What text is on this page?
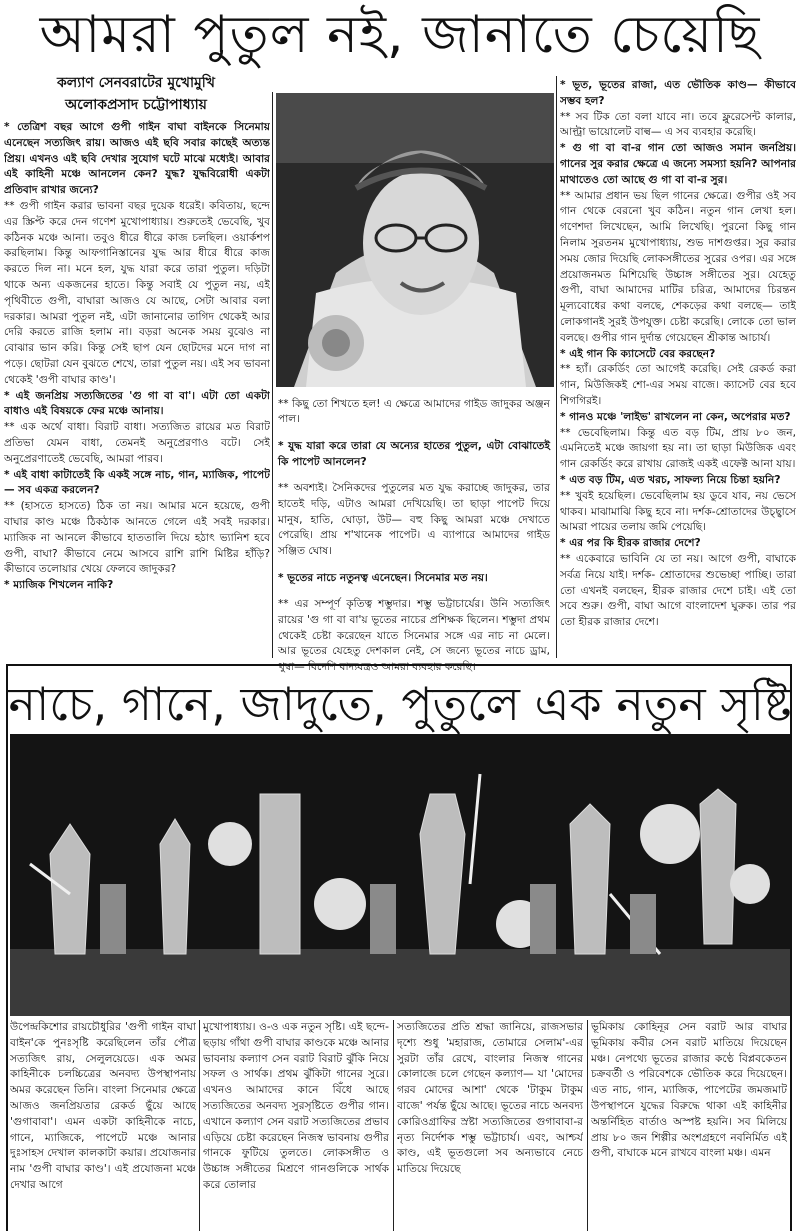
আমরা পুতুল নই, জানাতে চেয়েছি
কল্যাণ সেনবরাটের মুখোমুখি
অলোকপ্রসাদ চট্টোপাধ্যায়

* তেত্রিশ বছর আগে গুপী গাইন বাঘা বাইনকে সিনেমায় এনেছেন সত্যজিৎ রায়। আজও এই ছবি সবার কাছেই অত্যন্ত প্রিয়। এখনও এই ছবি দেখার সুযোগ ঘটে মাঝে মধ্যেই। আবার এই কাহিনী মঞ্চে আনলেন কেন? যুদ্ধ? যুদ্ধবিরোধী একটা প্রতিবাদ রাখার জন্যে?

** গুপী গাইন করার ভাবনা বছর দুয়েক ধরেই। কবিতায়, ছন্দে এর স্ক্রিপ্ট করে দেন গণেশ মুখোপাধ্যায়। শুরুতেই ভেবেছি, খুব কঠিনক মঞ্চে আনা। তবুও ধীরে ধীরে কাজ চলছিল। ওয়ার্কশপ করছিলাম। কিন্তু আফগানিস্তানের যুদ্ধ আর ধীরে ধীরে কাজ করতে দিল না। মনে হল, যুদ্ধ যারা করে তারা পুতুল। দড়িটা থাকে অন্য একজনের হাতে। কিন্তু সবাই যে পুতুল নয়, এই পৃথিবীতে গুপী, বাঘারা আজও যে আছে, সেটা আবার বলা দরকার। আমরা পুতুল নই, এটা জানানোর তাগিদ থেকেই আর দেরি করতে রাজি হলাম না। বড়রা অনেক সময় বুঝেও না বোঝার ভান করি। কিন্তু সেই ছাপ যেন ছোটদের মনে দাগ না পড়ে। ছোটরা যেন বুঝতে শেখে, তারা পুতুল নয়। এই সব ভাবনা থেকেই 'গুপী বাঘার কাণ্ড'।

* এই জনপ্রিয় সত্যজিতের 'গু গা বা বা'। এটা তো একটা বাধাও এই বিষয়কে ফের মঞ্চে আনায়।

** এক অর্থে বাধা। বিরাট বাধা। সত্যজিত রায়ের মত বিরাট প্রতিভা যেমন বাধা, তেমনই অনুপ্রেরণাও বটে। সেই অনুপ্রেরণাতেই ভেবেছি, আমরা পারব।

* এই বাধা কাটাতেই কি একই সঙ্গে নাচ, গান, ম্যাজিক, পাপেট— সব একত্র করলেন?

** (হাসতে হাসতে) ঠিক তা নয়। আমার মনে হয়েছে, গুপী বাঘার কাণ্ড মঞ্চে ঠিকঠাক আনতে গেলে এই সবই দরকার। ম্যাজিক না আনলে কীভাবে হাততালি দিয়ে হঠাৎ ভ্যানিশ হবে গুপী, বাঘা? কীভাবে নেমে আসবে রাশি রাশি মিষ্টির হাঁড়ি? কীভাবে তলোয়ার খেয়ে ফেলবে জাদুকর?

* ম্যাজিক শিখলেন নাকি?

** কিছু তো শিখতে হল! এ ক্ষেত্রে আমাদের গাইড জাদুকর অঞ্জন পাল।

* যুদ্ধ যারা করে তারা যে অন্যের হাতের পুতুল, এটা বোঝাতেই কি পাপেট আনলেন?

** অবশ্যই। সৈনিকদের পুতুলের মত যুদ্ধ করাচ্ছে জাদুকর, তার হাতেই দড়ি, এটাও আমরা দেখিয়েছি। তা ছাড়া পাপেট দিয়ে মানুষ, হাতি, ঘোড়া, উট— বহু কিছু আমরা মঞ্চে দেখাতে পেরেছি। প্রায় শ'খানেক পাপেট। এ ব্যাপারে আমাদের গাইড সঞ্জিত ঘোষ।

* ভূতের নাচে নতুনত্ব এনেছেন। সিনেমার মত নয়।

** এর সম্পূর্ণ কৃতিত্ব শম্ভুদার। শম্ভু ভট্টাচার্যের। উনি সত্যজিৎ রায়ের 'গু গা বা বা'য় ভূতের নাচের প্রশিক্ষক ছিলেন। শম্ভুদা প্রথম থেকেই চেষ্টা করেছেন যাতে সিনেমার সঙ্গে এর নাচ না মেলে। আর ভূতের যেহেতু দেশকাল নেই, সে জন্যে ভূতের নাচে ড্রাম, থুম্বা— বিদেশি বাদ্যযন্ত্রও আমরা ব্যবহার করেছি।

* ভূত, ভূতের রাজা, এত ভৌতিক কাণ্ড— কীভাবে সম্ভব হল?

** সব টিক তো বলা যাবে না। তবে ফ্লুরেসেন্ট কালার, আল্ট্রা ভায়োলেট বাল্ব— এ সব ব্যবহার করেছি।

* গু গা বা বা-র গান তো আজও সমান জনপ্রিয়। গানের সুর করার ক্ষেত্রে এ জন্যে সমস্যা হয়নি? আপনার মাথাতেও তো আছে গু গা বা বা-র সুর।

** আমার প্রধান ভয় ছিল গানের ক্ষেত্রে। গুপীর ওই সব গান থেকে বেরনো খুব কঠিন। নতুন গান লেখা হল। গণেশদা লিখেছেন, আমি লিখেছি। পুরনো কিছু গান নিলাম সুরতনম মুখোপাধ্যায়, শুভ দাশগুপ্তর। সুর করার সময় জোর দিয়েছি লোকসঙ্গীতের সুরের ওপর। এর সঙ্গে প্রয়োজনমত মিশিয়েছি উচ্চাঙ্গ সঙ্গীতের সুর। যেহেতু গুপী, বাঘা আমাদের মাটির চরিত্র, আমাদের চিরন্তন মূল্যবোধের কথা বলছে, শেকড়ের কথা বলছে— তাই লোকগানই সুরই উপযুক্ত। চেষ্টা করেছি। লোকে তো ভাল বলছে। গুপীর গান দুর্দান্ত গেয়েছেন শ্রীকান্ত আচার্য।

* এই গান কি ক্যাসেটে বের করছেন?

** হ্যাঁ। রেকর্ডিং তো আগেই করেছি। সেই রেকর্ড করা গান, মিউজিকই শো-এর সময় বাজে। ক্যাসেট বের হবে শিগগিরই।

* গানও মঞ্চে 'লাইভ' রাখলেন না কেন, অপেরার মত?

** ভেবেছিলাম। কিন্তু এত বড় টিম, প্রায় ৮০ জন, এমনিতেই মঞ্চে জায়গা হয় না। তা ছাড়া মিউজিক এবং গান রেকর্ডিং করে রাখায় রোজই একই এফেক্ট আনা যায়।

* এত বড় টিম, এত খরচ, সাফল্য নিয়ে চিন্তা হয়নি?

** খুবই হয়েছিল। ভেবেছিলাম হয় ডুবে যাব, নয় ভেসে থাকব। মাঝামাঝি কিছু হবে না। দর্শক-শ্রোতাদের উচ্ছ্বাসে আমরা পায়ের তলায় জমি পেয়েছি।

* এর পর কি হীরক রাজার দেশে?

** একেবারে ভাবিনি যে তা নয়। আগে গুপী, বাঘাকে সর্বত্র নিয়ে যাই। দর্শক- শ্রোতাদের শুভেচ্ছা পাচ্ছি। তারা তো এখনই বলছেন, হীরক রাজার দেশে চাই। এই তো সবে শুরু। গুপী, বাঘা আগে বাংলাদেশ ঘুরুক। তার পর তো হীরক রাজার দেশে।

নাচে, গানে, জাদুতে, পুতুলে এক নতুন সৃষ্টি

উপেন্দ্রকিশোর রায়চৌধুরির 'গুপী গাইন বাঘা বাইন'কে পুনঃসৃষ্টি করেছিলেন তাঁর পৌত্র সত্যজিৎ রায়, সেলুলয়েডে। এক অমর কাহিনীকে চলচ্চিত্রের অনবদ্য উপস্থাপনায় অমর করেছেন তিনি। বাংলা সিনেমার ক্ষেত্রে আজও জনপ্রিয়তার রেকর্ড ছুঁয়ে আছে 'গুগাবাবা'। এমন একটা কাহিনীকে নাচে, গানে, ম্যাজিকে, পাপেটে মঞ্চে আনার দুঃসাহস দেখাল কালকাটা কয়ার। প্রযোজনার নাম 'গুপী বাঘার কাণ্ড'। এই প্রযোজনা মঞ্চে দেখার আগে

মুখোপাধ্যায়। ও-ও এক নতুন সৃষ্টি। এই ছন্দে-ছড়ায় গাঁথা গুপী বাঘার কাণ্ডকে মঞ্চে আনার ভাবনায় কল্যাণ সেন বরাট বিরাট ঝুঁকি নিয়ে সফল ও সার্থক। প্রথম ঝুঁকিটা গানের সুরে। এখনও আমাদের কানে বিঁধে আছে সত্যজিতের অনবদ্য সুরসৃষ্টিতে গুপীর গান। এখানে কল্যাণ সেন বরাট সত্যজিতের প্রভাব এড়িয়ে চেষ্টা করেছেন নিজস্ব ভাবনায় গুপীর গানকে ফুটিয়ে তুলতে। লোকসঙ্গীত ও উচ্চাঙ্গ সঙ্গীতের মিশ্রণে গানগুলিকে সার্থক করে তোলার

সত্যজিতের প্রতি শ্রদ্ধা জানিয়ে, রাজসভার দৃশ্যে শুধু 'মহারাজ, তোমারে সেলাম'-এর সুরটা তাঁর রেখে, বাংলার নিজস্ব গানের কোলাজে চলে গেছেন কল্যাণ— যা 'মোদের গরব মোদের আশা' থেকে 'টাকুম টাকুম বাজে' পর্যন্ত ছুঁয়ে আছে। ভূতের নাচে অনবদ্য কোরিওগ্রাফির স্রষ্টা সত্যজিতের গুগাবাবা-র নৃত্য নির্দেশক শম্ভু ভট্টাচার্য। এবং, আশ্চর্য কাণ্ড, এই ভূতগুলো সব অন্যভাবে নেচে মাতিয়ে দিয়েছে

ভূমিকায় কোহিনূর সেন বরাট আর বাঘার ভূমিকায় কবীর সেন বরাট মাতিয়ে দিয়েছেন মঞ্চ। নেপথ্যে ভূতের রাজার কণ্ঠে বিপ্লবকেতন চক্রবর্তী ও পরিবেশকে ভৌতিক করে দিয়েছেন। এত নাচ, গান, ম্যাজিক, পাপেটের জমজমাট উপস্থাপনে যুদ্ধের বিরুদ্ধে থাকা এই কাহিনীর অন্তর্নিহিত বার্তাও অস্পষ্ট হয়নি। সব মিলিয়ে প্রায় ৮০ জন শিল্পীর অংশগ্রহণে নবনির্মিত এই গুপী, বাঘাকে মনে রাখবে বাংলা মঞ্চ। এমন
